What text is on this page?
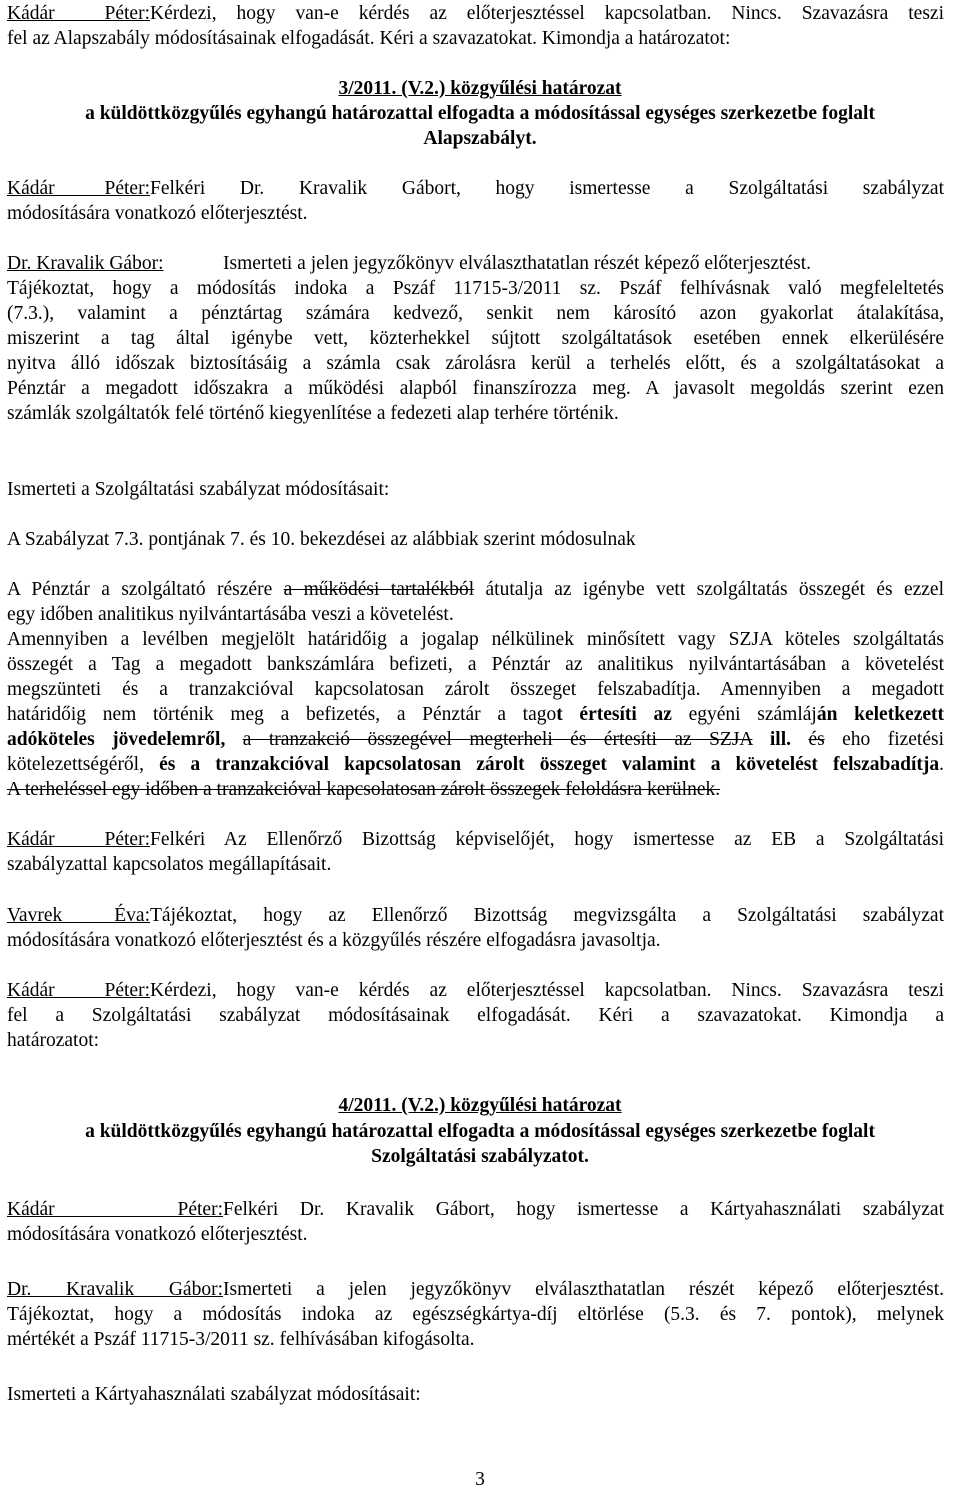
Kádár Péter:Kérdezi, hogy van-e kérdés az előterjesztéssel kapcsolatban. Nincs. Szavazásra teszi
fel az Alapszabály módosításainak elfogadását. Kéri a szavazatokat. Kimondja a határozatot:
3/2011. (V.2.) közgyűlési határozat
a küldöttközgyűlés egyhangú határozattal elfogadta a módosítással egységes szerkezetbe foglalt
Alapszabályt.
Kádár Péter:Felkéri Dr. Kravalik Gábort, hogy ismertesse a Szolgáltatási szabályzat
módosítására vonatkozó előterjesztést.
Dr. Kravalik Gábor:	Ismerteti a jelen jegyzőkönyv elválaszthatatlan részét képező előterjesztést.
Tájékoztat, hogy a módosítás indoka a Pszáf 11715-3/2011 sz. Pszáf felhívásnak való megfeleltetés
(7.3.), valamint a pénztártag számára kedvező, senkit nem károsító azon gyakorlat átalakítása,
miszerint a tag által igénybe vett, közterhekkel sújtott szolgáltatások esetében ennek elkerülésére
nyitva álló időszak biztosításáig a számla csak zárolásra kerül a terhelés előtt, és a szolgáltatásokat a
Pénztár a megadott időszakra a működési alapból finanszírozza meg. A javasolt megoldás szerint ezen
számlák szolgáltatók felé történő kiegyenlítése a fedezeti alap terhére történik.
Ismerteti a Szolgáltatási szabályzat módosításait:
A Szabályzat 7.3. pontjának 7. és 10. bekezdései az alábbiak szerint módosulnak
A Pénztár a szolgáltató részére a működési tartalékból átutalja az igénybe vett szolgáltatás összegét és ezzel
egy időben analitikus nyilvántartásába veszi a követelést.
Amennyiben a levélben megjelölt határidőig a jogalap nélkülinek minősített vagy SZJA köteles szolgáltatás
összegét a Tag a megadott bankszámlára befizeti, a Pénztár az analitikus nyilvántartásában a követelést
megszünteti és a tranzakcióval kapcsolatosan zárolt összeget felszabadítja. Amennyiben a megadott
határidőig nem történik meg a befizetés, a Pénztár a tagot értesíti az egyéni számláján keletkezett
adóköteles jövedelemről, a tranzakció összegével megterheli és értesíti az SZJA ill. és eho fizetési
kötelezettségéről, és a tranzakcióval kapcsolatosan zárolt összeget valamint a követelést felszabadítja.
A terheléssel egy időben a tranzakcióval kapcsolatosan zárolt összegek feloldásra kerülnek.
Kádár Péter:Felkéri Az Ellenőrző Bizottság képviselőjét, hogy ismertesse az EB a Szolgáltatási
szabályzattal kapcsolatos megállapításait.
Vavrek Éva:Tájékoztat, hogy az Ellenőrző Bizottság megvizsgálta a Szolgáltatási szabályzat
módosítására vonatkozó előterjesztést és a közgyűlés részére elfogadásra javasoltja.
Kádár Péter:Kérdezi, hogy van-e kérdés az előterjesztéssel kapcsolatban. Nincs. Szavazásra teszi
fel a Szolgáltatási szabályzat módosításainak elfogadását. Kéri a szavazatokat. Kimondja a
határozatot:
4/2011. (V.2.) közgyűlési határozat
a küldöttközgyűlés egyhangú határozattal elfogadta a módosítással egységes szerkezetbe foglalt
Szolgáltatási szabályzatot.
Kádár Péter:Felkéri Dr. Kravalik Gábort, hogy ismertesse a Kártyahasználati szabályzat
módosítására vonatkozó előterjesztést.
Dr. Kravalik Gábor:Ismerteti a jelen jegyzőkönyv elválaszthatatlan részét képező előterjesztést.
Tájékoztat, hogy a módosítás indoka az egészségkártya-díj eltörlése (5.3. és 7. pontok), melynek
mértékét a Pszáf 11715-3/2011 sz. felhívásában kifogásolta.
Ismerteti a Kártyahasználati szabályzat módosításait:
3
